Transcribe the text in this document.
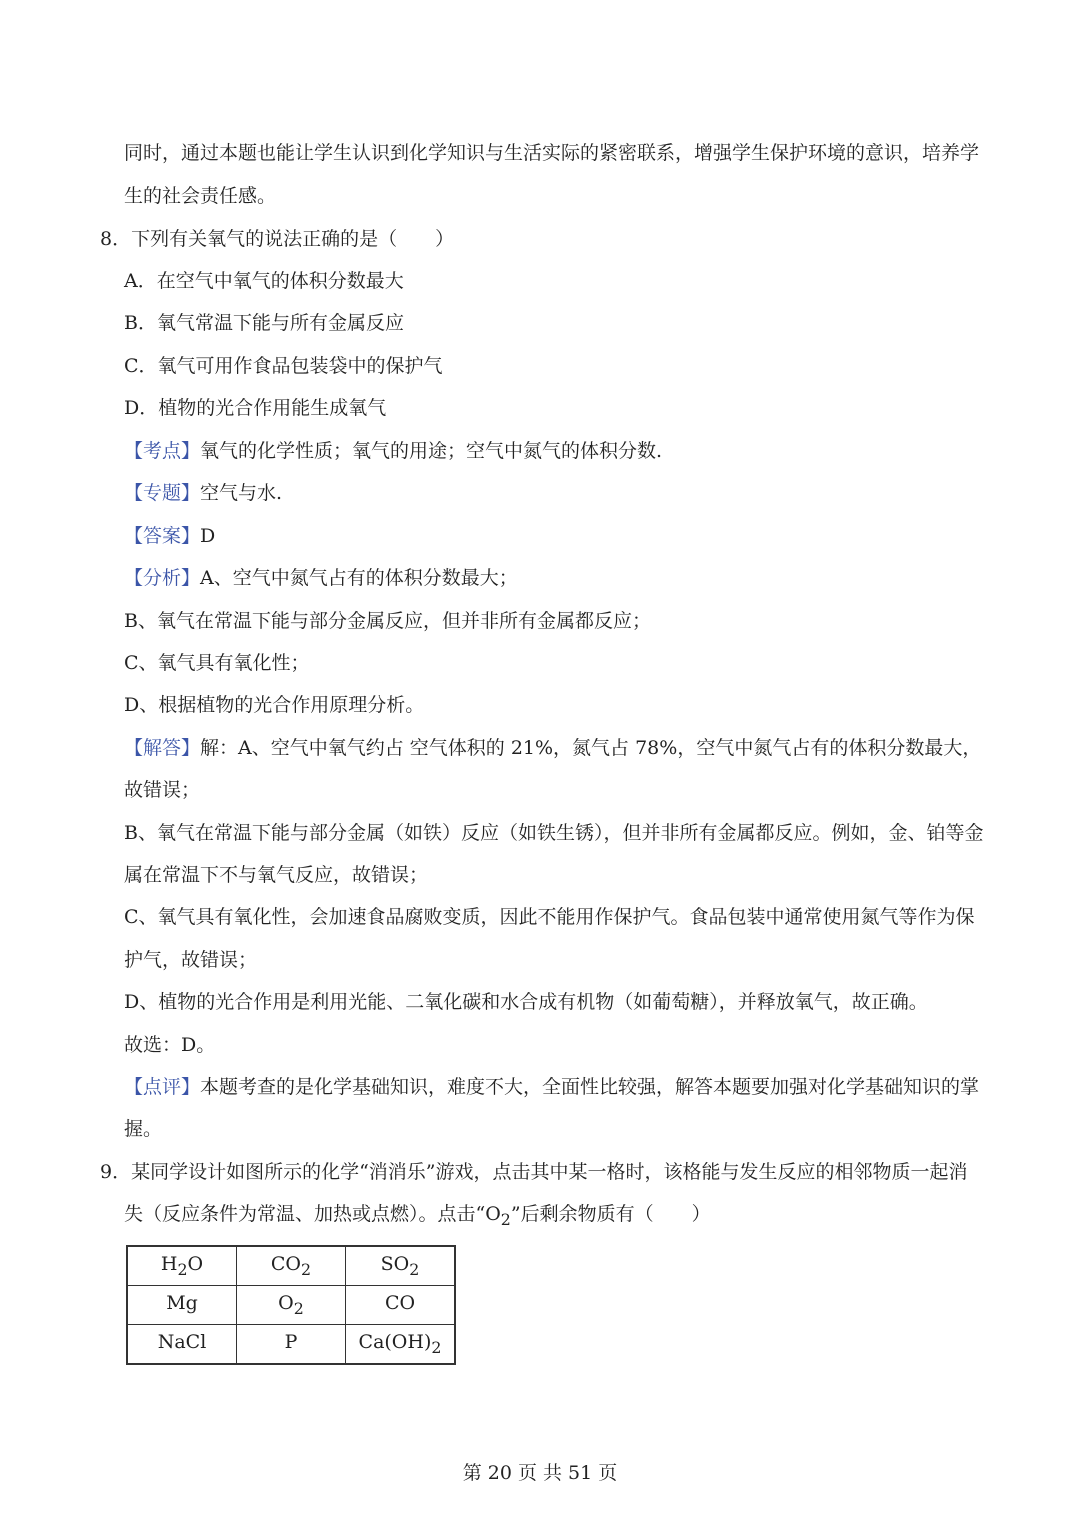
同时，通过本题也能让学生认识到化学知识与生活实际的紧密联系，增强学生保护环境的意识，培养学
生的社会责任感。
8．下列有关氧气的说法正确的是（　　）
A．在空气中氧气的体积分数最大
B．氧气常温下能与所有金属反应
C．氧气可用作食品包装袋中的保护气
D．植物的光合作用能生成氧气
【考点】氧气的化学性质；氧气的用途；空气中氮气的体积分数.
【专题】空气与水.
【答案】D
【分析】A、空气中氮气占有的体积分数最大；
B、氧气在常温下能与部分金属反应，但并非所有金属都反应；
C、氧气具有氧化性；
D、根据植物的光合作用原理分析。
【解答】解：A、空气中氧气约占 空气体积的 21%，氮气占 78%，空气中氮气占有的体积分数最大，
故错误；
B、氧气在常温下能与部分金属（如铁）反应（如铁生锈），但并非所有金属都反应。例如，金、铂等金
属在常温下不与氧气反应，故错误；
C、氧气具有氧化性，会加速食品腐败变质，因此不能用作保护气。食品包装中通常使用氮气等作为保
护气，故错误；
D、植物的光合作用是利用光能、二氧化碳和水合成有机物（如葡萄糖），并释放氧气，故正确。
故选：D。
【点评】本题考查的是化学基础知识，难度不大，全面性比较强，解答本题要加强对化学基础知识的掌
握。
9．某同学设计如图所示的化学“消消乐”游戏，点击其中某一格时，该格能与发生反应的相邻物质一起消
失（反应条件为常温、加热或点燃）。点击“$O_2$”后剩余物质有（　　）
$H_2O$	$CO_2$	$SO_2$
Mg	$O_2$	CO
NaCl	P	$Ca(OH)_2$
第 20 页 共 51 页
